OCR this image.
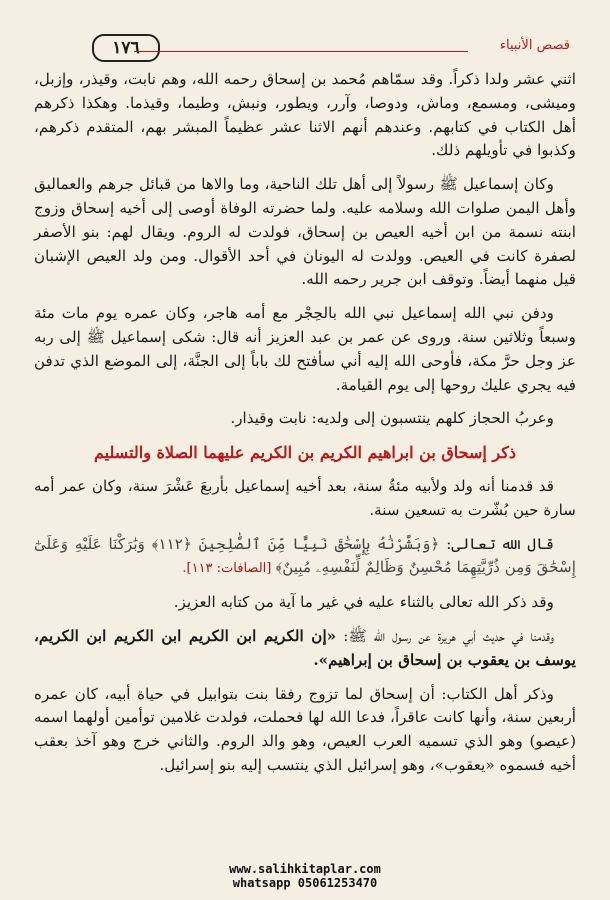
١٧٦	قصص الأنبياء

اثني عشر ولدا ذكراً. وقد سمّاهم مُحمد بن إسحاق رحمه الله، وهم نابت، وقيذر، وإزبل، وميشى، ومسمع، وماش، ودوصا، وآرر، ويطور، ونبش، وطيما، وقيذما. وهكذا ذكرهم أهل الكتاب في كتابهم. وعندهم أنهم الاثنا عشر عظيماً المبشر بهم، المتقدم ذكرهم، وكذبوا في تأويلهم ذلك.

وكان إسماعيل ﷺ رسولاً إلى أهل تلك الناحية، وما والاها من قبائل جرهم والعماليق وأهل اليمن صلوات الله وسلامه عليه. ولما حضرته الوفاة أوصى إلى أخيه إسحاق وزوج ابنته نسمة من ابن أخيه العيص بن إسحاق، فولدت له الروم. ويقال لهم: بنو الأصفر لصفرة كانت في العيص. وولدت له اليونان في أحد الأقوال. ومن ولد العيص الإشبان قيل منهما أيضاً. وتوقف ابن جرير رحمه الله.

ودفن نبي الله إسماعيل نبي الله بالحِجْر مع أمه هاجر، وكان عمره يوم مات مئة وسبعاً وثلاثين سنة. وروى عن عمر بن عبد العزيز أنه قال: شكى إسماعيل ﷺ إلى ربه عز وجل حرَّ مكة، فأوحى الله إليه أني سأفتح لك باباً إلى الجنَّة، إلى الموضع الذي تدفن فيه يجري عليك روحها إلى يوم القيامة.

وعربُ الحجاز كلهم ينتسبون إلى ولديه: نابت وقيذار.

ذكر إسحاق بن ابراهيم الكريم بن الكريم عليهما الصلاة والتسليم

قد قدمنا أنه ولد ولأبيه مئةُ سنة، بعد أخيه إسماعيل بأربعَ عَشْرَ سنة، وكان عمر أمه سارة حين بُشّرت به تسعين سنة.

قال الله تعالى: ﴿وَبَشَّرْنَٰهُ بِإِسْحَٰقَ نَبِيًّا مِّنَ ٱلصَّٰلِحِينَ ﴿١١٢﴾ وَبَٰرَكْنَا عَلَيْهِ وَعَلَىٰٓ إِسْحَٰقَ وَمِن ذُرِّيَّتِهِمَا مُحْسِنٌ وَظَالِمٌ لِّنَفْسِهِۦ مُبِينٌ﴾ [الصافات: ١١٣].

وقد ذكر الله تعالى بالثناء عليه في غير ما آية من كتابه العزيز.

وقدمنا في حديث أبي هريرة عن رسول الله ﷺ: «إن الكريم ابن الكريم ابن الكريم ابن الكريم، يوسف بن يعقوب بن إسحاق بن إبراهيم».

وذكر أهل الكتاب: أن إسحاق لما تزوج رفقا بنت بتوابيل في حياة أبيه، كان عمره أربعين سنة، وأنها كانت عاقراً، فدعا الله لها فحملت، فولدت غلامين توأمين أولهما اسمه (عيصو) وهو الذي تسميه العرب العيص، وهو والد الروم. والثاني خرج وهو آخذ بعقب أخيه فسموه «يعقوب»، وهو إسرائيل الذي ينتسب إليه بنو إسرائيل.

www.salihkitaplar.com
whatsapp 05061253470
